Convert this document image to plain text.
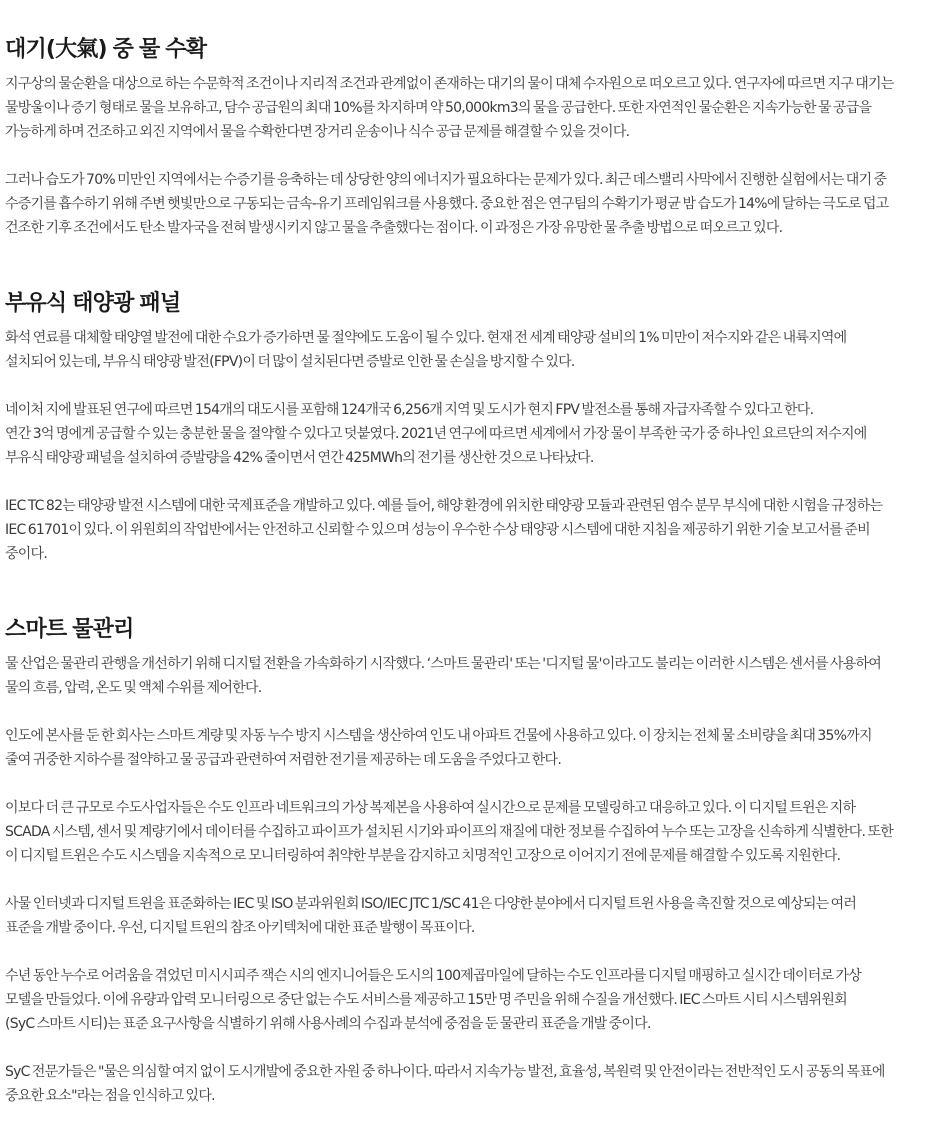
대기(大氣) 중 물 수확

지구상의 물순환을 대상으로 하는 수문학적 조건이나 지리적 조건과 관계없이 존재하는 대기의 물이 대체 수자원으로 떠오르고 있다. 연구자에 따르면 지구 대기는
물방울이나 증기 형태로 물을 보유하고, 담수 공급원의 최대 10%를 차지하며 약 50,000km3의 물을 공급한다. 또한 자연적인 물순환은 지속가능한 물 공급을
가능하게 하며 건조하고 외진 지역에서 물을 수확한다면 장거리 운송이나 식수 공급 문제를 해결할 수 있을 것이다.

그러나 습도가 70% 미만인 지역에서는 수증기를 응축하는 데 상당한 양의 에너지가 필요하다는 문제가 있다. 최근 데스밸리 사막에서 진행한 실험에서는 대기 중
수증기를 흡수하기 위해 주변 햇빛만으로 구동되는 금속-유기 프레임워크를 사용했다. 중요한 점은 연구팀의 수확기가 평균 밤 습도가 14%에 달하는 극도로 덥고
건조한 기후 조건에서도 탄소 발자국을 전혀 발생시키지 않고 물을 추출했다는 점이다. 이 과정은 가장 유망한 물 추출 방법으로 떠오르고 있다.

부유식 태양광 패널

화석 연료를 대체할 태양열 발전에 대한 수요가 증가하면 물 절약에도 도움이 될 수 있다. 현재 전 세계 태양광 설비의 1% 미만이 저수지와 같은 내륙지역에
설치되어 있는데, 부유식 태양광 발전(FPV)이 더 많이 설치된다면 증발로 인한 물 손실을 방지할 수 있다.

네이처 지에 발표된 연구에 따르면 154개의 대도시를 포함해 124개국 6,256개 지역 및 도시가 현지 FPV 발전소를 통해 자급자족할 수 있다고 한다.
연간 3억 명에게 공급할 수 있는 충분한 물을 절약할 수 있다고 덧붙였다. 2021년 연구에 따르면 세계에서 가장 물이 부족한 국가 중 하나인 요르단의 저수지에
부유식 태양광 패널을 설치하여 증발량을 42% 줄이면서 연간 425MWh의 전기를 생산한 것으로 나타났다.

IEC TC 82는 태양광 발전 시스템에 대한 국제표준을 개발하고 있다. 예를 들어, 해양 환경에 위치한 태양광 모듈과 관련된 염수 분무 부식에 대한 시험을 규정하는
IEC 61701이 있다. 이 위원회의 작업반에서는 안전하고 신뢰할 수 있으며 성능이 우수한 수상 태양광 시스템에 대한 지침을 제공하기 위한 기술 보고서를 준비
중이다.

스마트 물관리

물 산업은 물관리 관행을 개선하기 위해 디지털 전환을 가속화하기 시작했다. ‘스마트 물관리' 또는 '디지털 물'이라고도 불리는 이러한 시스템은 센서를 사용하여
물의 흐름, 압력, 온도 및 액체 수위를 제어한다.

인도에 본사를 둔 한 회사는 스마트 계량 및 자동 누수 방지 시스템을 생산하여 인도 내 아파트 건물에 사용하고 있다. 이 장치는 전체 물 소비량을 최대 35%까지
줄여 귀중한 지하수를 절약하고 물 공급과 관련하여 저렴한 전기를 제공하는 데 도움을 주었다고 한다.

이보다 더 큰 규모로 수도사업자들은 수도 인프라 네트워크의 가상 복제본을 사용하여 실시간으로 문제를 모델링하고 대응하고 있다. 이 디지털 트윈은 지하
SCADA 시스템, 센서 및 계량기에서 데이터를 수집하고 파이프가 설치된 시기와 파이프의 재질에 대한 정보를 수집하여 누수 또는 고장을 신속하게 식별한다. 또한
이 디지털 트윈은 수도 시스템을 지속적으로 모니터링하여 취약한 부분을 감지하고 치명적인 고장으로 이어지기 전에 문제를 해결할 수 있도록 지원한다.

사물 인터넷과 디지털 트윈을 표준화하는 IEC 및 ISO 분과위원회 ISO/IEC JTC 1/SC 41은 다양한 분야에서 디지털 트윈 사용을 촉진할 것으로 예상되는 여러
표준을 개발 중이다. 우선, 디지털 트윈의 참조 아키텍처에 대한 표준 발행이 목표이다.

수년 동안 누수로 어려움을 겪었던 미시시피주 잭슨 시의 엔지니어들은 도시의 100제곱마일에 달하는 수도 인프라를 디지털 매핑하고 실시간 데이터로 가상
모델을 만들었다. 이에 유량과 압력 모니터링으로 중단 없는 수도 서비스를 제공하고 15만 명 주민을 위해 수질을 개선했다. IEC 스마트 시티 시스템위원회
(SyC 스마트 시티)는 표준 요구사항을 식별하기 위해 사용사례의 수집과 분석에 중점을 둔 물관리 표준을 개발 중이다.

SyC 전문가들은 "물은 의심할 여지 없이 도시개발에 중요한 자원 중 하나이다. 따라서 지속가능 발전, 효율성, 복원력 및 안전이라는 전반적인 도시 공동의 목표에
중요한 요소"라는 점을 인식하고 있다.
